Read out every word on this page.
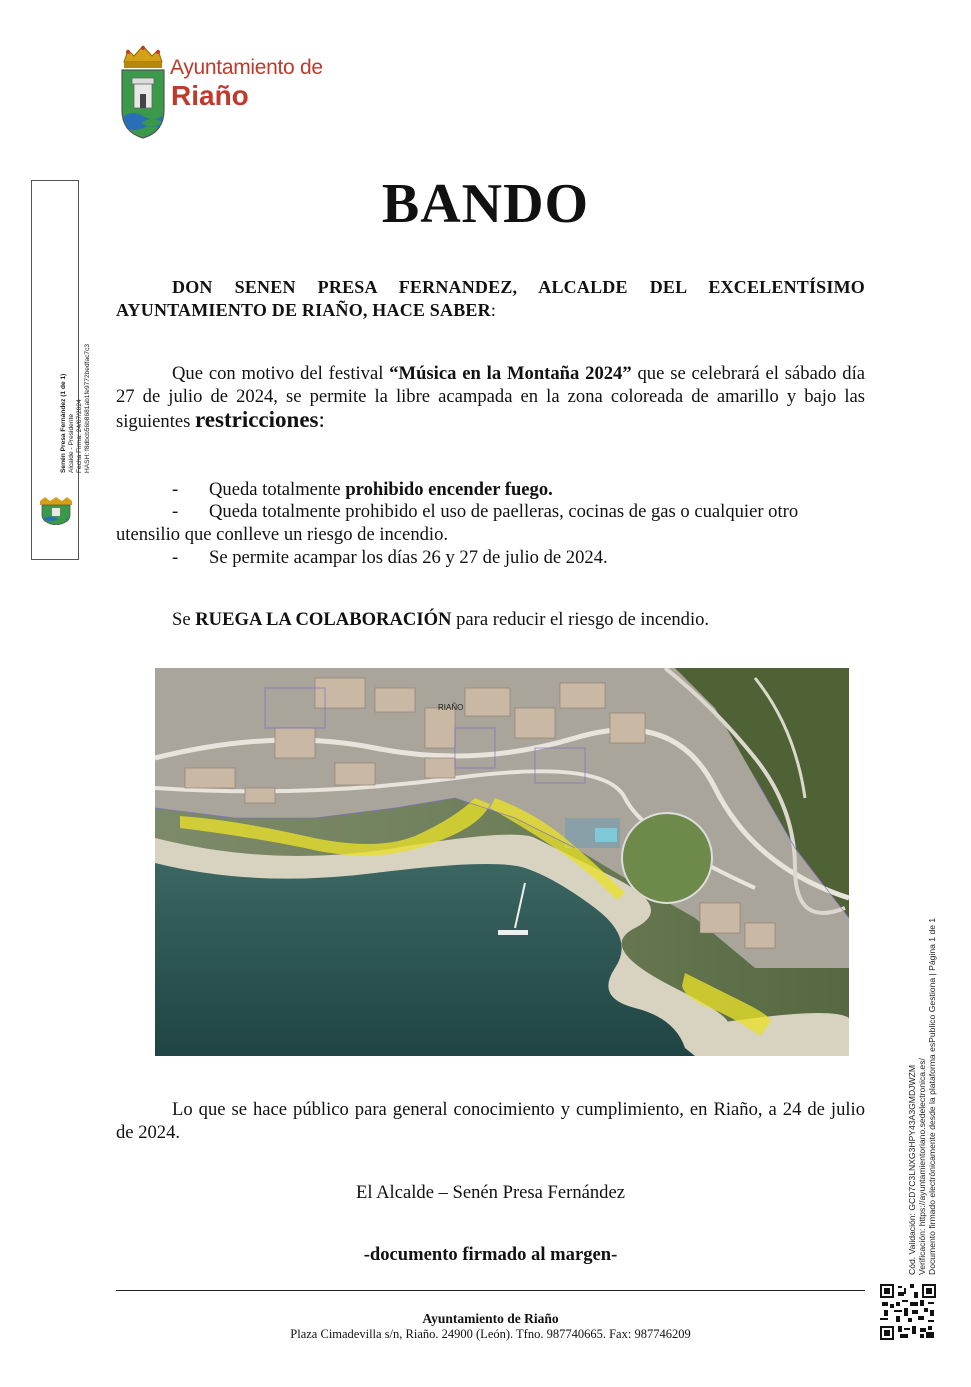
Ayuntamiento de
Riaño
Senén Presa Fernández (1 de 1) Alcalde - Presidente Fecha Firma: 24/07/2024 HASH: f8dbcb56b8681ab1fe9772bedfac7c3
BANDO

DON SENEN PRESA FERNANDEZ, ALCALDE DEL EXCELENTÍSIMO AYUNTAMIENTO DE RIAÑO, HACE SABER:

Que con motivo del festival “Música en la Montaña 2024” que se celebrará el sábado día 27 de julio de 2024, se permite la libre acampada en la zona coloreada de amarillo y bajo las siguientes restricciones:

-	Queda totalmente prohibido encender fuego.
-	Queda totalmente prohibido el uso de paelleras, cocinas de gas o cualquier otro
utensilio que conlleve un riesgo de incendio.
-	Se permite acampar los días 26 y 27 de julio de 2024.

Se RUEGA LA COLABORACIÓN para reducir el riesgo de incendio.

RIAÑO

Lo que se hace público para general conocimiento y cumplimiento, en Riaño, a 24 de julio de 2024.

El Alcalde – Senén Presa Fernández
-documento firmado al margen-
Ayuntamiento de Riaño
Plaza Cimadevilla s/n, Riaño. 24900 (León). Tfno. 987740665. Fax: 987746209
Cód. Validación: GCD7C3LNXG3HPY43A3GMDJWZM Verificación: https://ayuntamientoriano.sedelectronica.es/ Documento firmado electrónicamente desde la plataforma esPublico Gestiona | Página 1 de 1
